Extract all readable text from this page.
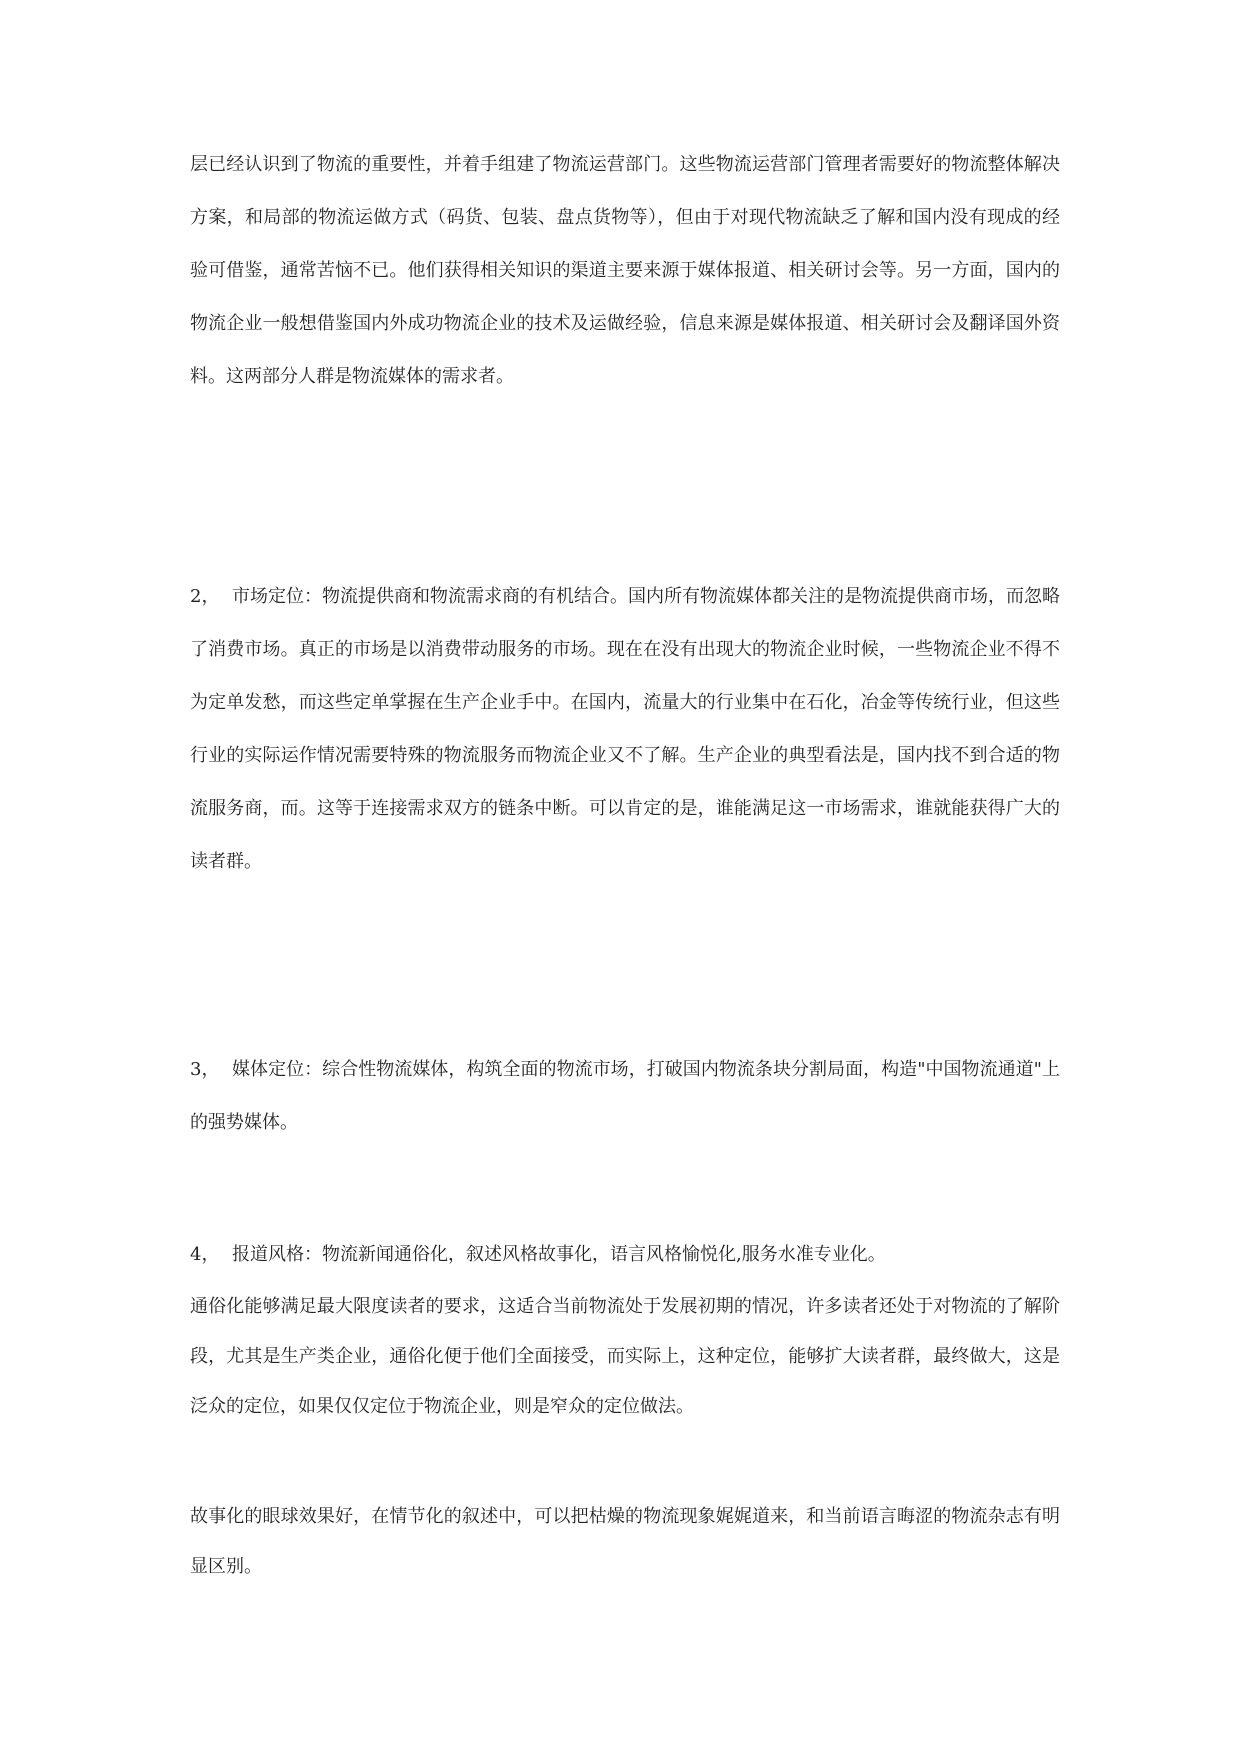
层已经认识到了物流的重要性，并着手组建了物流运营部门。这些物流运营部门管理者需要好的物流整体解决方案，和局部的物流运做方式（码货、包装、盘点货物等），但由于对现代物流缺乏了解和国内没有现成的经验可借鉴，通常苦恼不已。他们获得相关知识的渠道主要来源于媒体报道、相关研讨会等。另一方面，国内的物流企业一般想借鉴国内外成功物流企业的技术及运做经验，信息来源是媒体报道、相关研讨会及翻译国外资料。这两部分人群是物流媒体的需求者。

2， 市场定位：物流提供商和物流需求商的有机结合。国内所有物流媒体都关注的是物流提供商市场，而忽略了消费市场。真正的市场是以消费带动服务的市场。现在在没有出现大的物流企业时候，一些物流企业不得不为定单发愁，而这些定单掌握在生产企业手中。在国内，流量大的行业集中在石化，冶金等传统行业，但这些行业的实际运作情况需要特殊的物流服务而物流企业又不了解。生产企业的典型看法是，国内找不到合适的物流服务商，而。这等于连接需求双方的链条中断。可以肯定的是，谁能满足这一市场需求，谁就能获得广大的读者群。

3， 媒体定位：综合性物流媒体，构筑全面的物流市场，打破国内物流条块分割局面，构造"中国物流通道"上的强势媒体。

4， 报道风格：物流新闻通俗化，叙述风格故事化，语言风格愉悦化,服务水准专业化。

通俗化能够满足最大限度读者的要求，这适合当前物流处于发展初期的情况，许多读者还处于对物流的了解阶段，尤其是生产类企业，通俗化便于他们全面接受，而实际上，这种定位，能够扩大读者群，最终做大，这是泛众的定位，如果仅仅定位于物流企业，则是窄众的定位做法。

故事化的眼球效果好，在情节化的叙述中，可以把枯燥的物流现象娓娓道来，和当前语言晦涩的物流杂志有明显区别。
